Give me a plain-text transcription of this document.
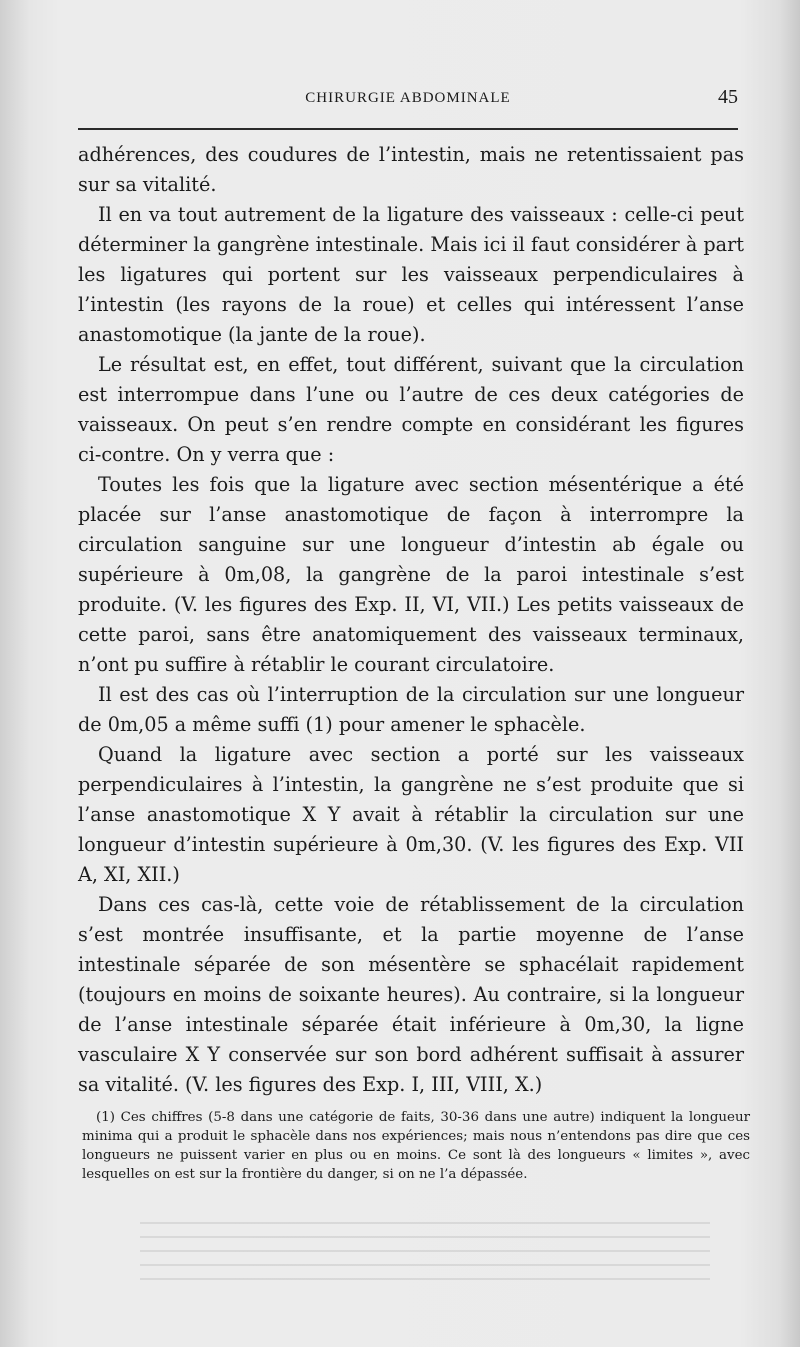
CHIRURGIE ABDOMINALE	45

adhérences, des coudures de l’intestin, mais ne retentissaient pas sur sa vitalité.

Il en va tout autrement de la ligature des vaisseaux : celle-ci peut déterminer la gangrène intestinale. Mais ici il faut considérer à part les ligatures qui portent sur les vaisseaux perpendiculaires à l’intestin (les rayons de la roue) et celles qui intéressent l’anse anastomotique (la jante de la roue).

Le résultat est, en effet, tout différent, suivant que la circulation est interrompue dans l’une ou l’autre de ces deux catégories de vaisseaux. On peut s’en rendre compte en considérant les figures ci-contre. On y verra que :

Toutes les fois que la ligature avec section mésentérique a été placée sur l’anse anastomotique de façon à interrompre la circulation sanguine sur une longueur d’intestin ab égale ou supérieure à 0m,08, la gangrène de la paroi intestinale s’est produite. (V. les figures des Exp. II, VI, VII.) Les petits vaisseaux de cette paroi, sans être anatomiquement des vaisseaux terminaux, n’ont pu suffire à rétablir le courant circulatoire.

Il est des cas où l’interruption de la circulation sur une longueur de 0m,05 a même suffi (1) pour amener le sphacèle.

Quand la ligature avec section a porté sur les vaisseaux perpendiculaires à l’intestin, la gangrène ne s’est produite que si l’anse anastomotique X Y avait à rétablir la circulation sur une longueur d’intestin supérieure à 0m,30. (V. les figures des Exp. VII A, XI, XII.)

Dans ces cas-là, cette voie de rétablissement de la circulation s’est montrée insuffisante, et la partie moyenne de l’anse intestinale séparée de son mésentère se sphacélait rapidement (toujours en moins de soixante heures). Au contraire, si la longueur de l’anse intestinale séparée était inférieure à 0m,30, la ligne vasculaire X Y conservée sur son bord adhérent suffisait à assurer sa vitalité. (V. les figures des Exp. I, III, VIII, X.)

(1) Ces chiffres (5-8 dans une catégorie de faits, 30-36 dans une autre) indiquent la longueur minima qui a produit le sphacèle dans nos expériences; mais nous n’entendons pas dire que ces longueurs ne puissent varier en plus ou en moins. Ce sont là des longueurs « limites », avec lesquelles on est sur la frontière du danger, si on ne l’a dépassée.
